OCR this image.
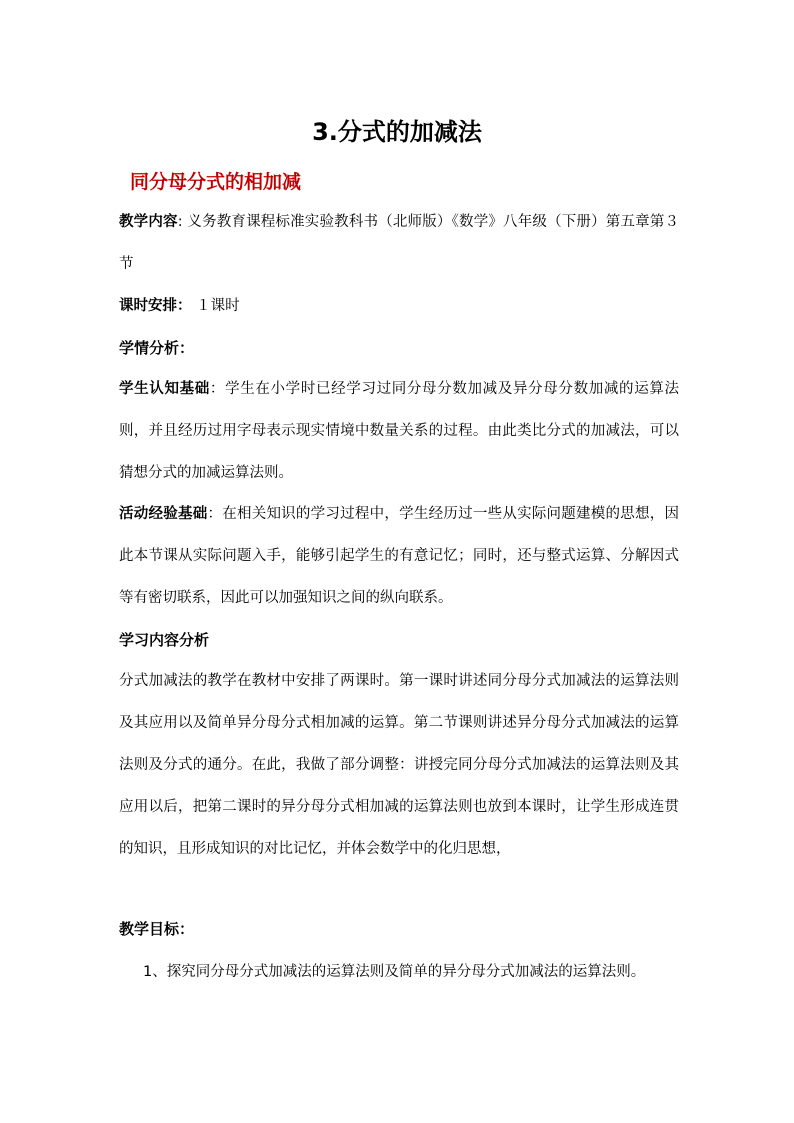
3.分式的加减法
同分母分式的相加减

教学内容: 义务教育课程标准实验教科书（北师版）《数学》八年级（下册）第五章第３节

课时安排： １课时

学情分析：

学生认知基础：学生在小学时已经学习过同分母分数加减及异分母分数加减的运算法则，并且经历过用字母表示现实情境中数量关系的过程。由此类比分式的加减法，可以猜想分式的加减运算法则。

活动经验基础：在相关知识的学习过程中，学生经历过一些从实际问题建模的思想，因此本节课从实际问题入手，能够引起学生的有意记忆；同时，还与整式运算、分解因式等有密切联系，因此可以加强知识之间的纵向联系。

学习内容分析

分式加减法的教学在教材中安排了两课时。第一课时讲述同分母分式加减法的运算法则及其应用以及简单异分母分式相加减的运算。第二节课则讲述异分母分式加减法的运算法则及分式的通分。在此，我做了部分调整：讲授完同分母分式加减法的运算法则及其应用以后，把第二课时的异分母分式相加减的运算法则也放到本课时，让学生形成连贯的知识，且形成知识的对比记忆，并体会数学中的化归思想，

教学目标：

1、探究同分母分式加减法的运算法则及简单的异分母分式加减法的运算法则。
